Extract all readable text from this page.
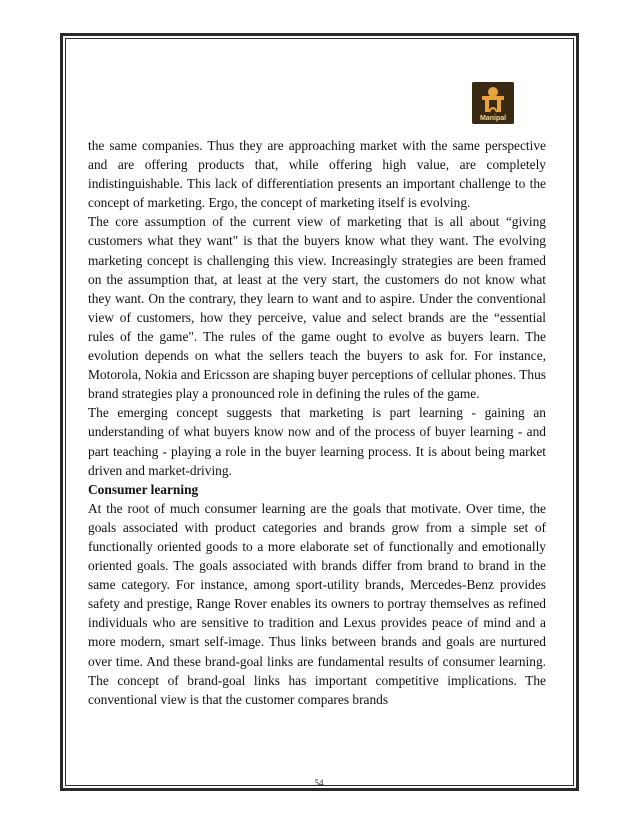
Manipal

the same companies. Thus they are approaching market with the same perspective and are offering products that, while offering high value, are completely indistinguishable. This lack of differentiation presents an important challenge to the concept of marketing. Ergo, the concept of marketing itself is evolving.

The core assumption of the current view of marketing that is all about “giving customers what they want" is that the buyers know what they want. The evolving marketing concept is challenging this view. Increasingly strategies are been framed on the assumption that, at least at the very start, the customers do not know what they want. On the contrary, they learn to want and to aspire. Under the conventional view of customers, how they perceive, value and select brands are the “essential rules of the game". The rules of the game ought to evolve as buyers learn. The evolution depends on what the sellers teach the buyers to ask for. For instance, Motorola, Nokia and Ericsson are shaping buyer perceptions of cellular phones. Thus brand strategies play a pronounced role in defining the rules of the game.

The emerging concept suggests that marketing is part learning - gaining an understanding of what buyers know now and of the process of buyer learning - and part teaching - playing a role in the buyer learning process. It is about being market driven and market-driving.

Consumer learning

At the root of much consumer learning are the goals that motivate. Over time, the goals associated with product categories and brands grow from a simple set of functionally oriented goods to a more elaborate set of functionally and emotionally oriented goals. The goals associated with brands differ from brand to brand in the same category. For instance, among sport-utility brands, Mercedes-Benz provides safety and prestige, Range Rover enables its owners to portray themselves as refined individuals who are sensitive to tradition and Lexus provides peace of mind and a more modern, smart self-image. Thus links between brands and goals are nurtured over time. And these brand-goal links are fundamental results of consumer learning. The concept of brand-goal links has important competitive implications. The conventional view is that the customer compares brands

54
